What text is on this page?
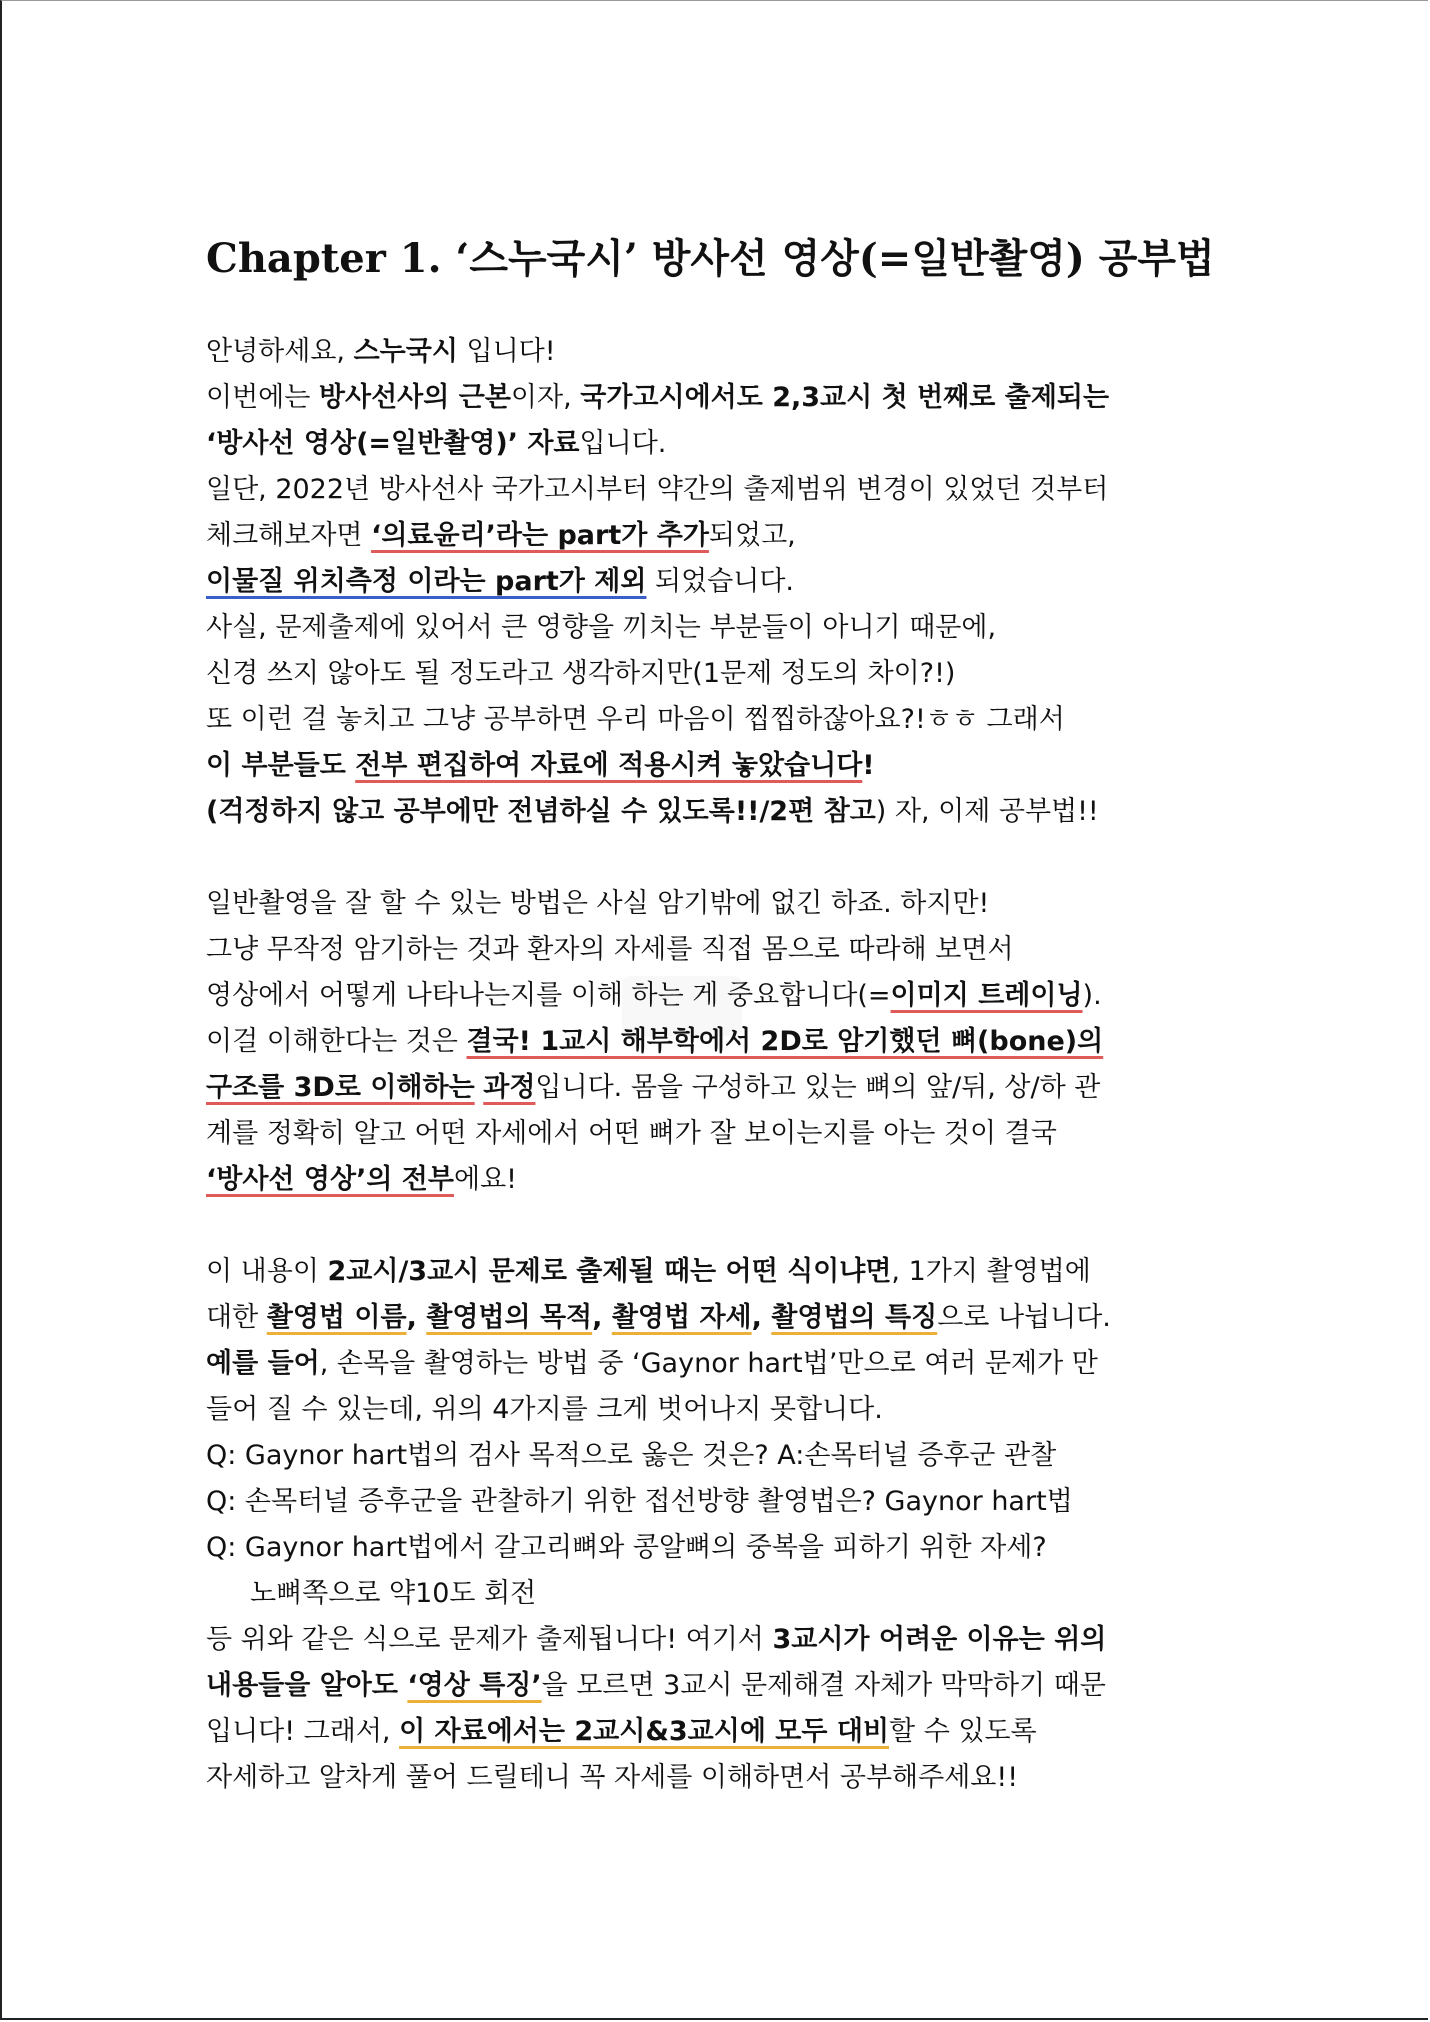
Chapter 1. ‘스누국시’ 방사선 영상(=일반촬영) 공부법
안녕하세요, 스누국시 입니다!
이번에는 방사선사의 근본이자, 국가고시에서도 2,3교시 첫 번째로 출제되는
‘방사선 영상(=일반촬영)’ 자료입니다.
일단, 2022년 방사선사 국가고시부터 약간의 출제범위 변경이 있었던 것부터
체크해보자면 ‘의료윤리’라는 part가 추가되었고,
이물질 위치측정 이라는 part가 제외 되었습니다.
사실, 문제출제에 있어서 큰 영향을 끼치는 부분들이 아니기 때문에,
신경 쓰지 않아도 될 정도라고 생각하지만(1문제 정도의 차이?!)
또 이런 걸 놓치고 그냥 공부하면 우리 마음이 찝찝하잖아요?!ㅎㅎ 그래서
이 부분들도 전부 편집하여 자료에 적용시켜 놓았습니다!
(걱정하지 않고 공부에만 전념하실 수 있도록!!/2편 참고) 자, 이제 공부법!!
일반촬영을 잘 할 수 있는 방법은 사실 암기밖에 없긴 하죠. 하지만!
그냥 무작정 암기하는 것과 환자의 자세를 직접 몸으로 따라해 보면서
영상에서 어떻게 나타나는지를 이해 하는 게 중요합니다(=이미지 트레이닝).
이걸 이해한다는 것은 결국! 1교시 해부학에서 2D로 암기했던 뼈(bone)의
구조를 3D로 이해하는 과정입니다. 몸을 구성하고 있는 뼈의 앞/뒤, 상/하 관
계를 정확히 알고 어떤 자세에서 어떤 뼈가 잘 보이는지를 아는 것이 결국
‘방사선 영상’의 전부에요!
이 내용이 2교시/3교시 문제로 출제될 때는 어떤 식이냐면, 1가지 촬영법에
대한 촬영법 이름, 촬영법의 목적, 촬영법 자세, 촬영법의 특징으로 나뉩니다.
예를 들어, 손목을 촬영하는 방법 중 ‘Gaynor hart법’만으로 여러 문제가 만
들어 질 수 있는데, 위의 4가지를 크게 벗어나지 못합니다.
Q: Gaynor hart법의 검사 목적으로 옳은 것은? A:손목터널 증후군 관찰
Q: 손목터널 증후군을 관찰하기 위한 접선방향 촬영법은? Gaynor hart법
Q: Gaynor hart법에서 갈고리뼈와 콩알뼈의 중복을 피하기 위한 자세?
노뼈쪽으로 약10도 회전
등 위와 같은 식으로 문제가 출제됩니다! 여기서 3교시가 어려운 이유는 위의
내용들을 알아도 ‘영상 특징’을 모르면 3교시 문제해결 자체가 막막하기 때문
입니다! 그래서, 이 자료에서는 2교시&3교시에 모두 대비할 수 있도록
자세하고 알차게 풀어 드릴테니 꼭 자세를 이해하면서 공부해주세요!!
